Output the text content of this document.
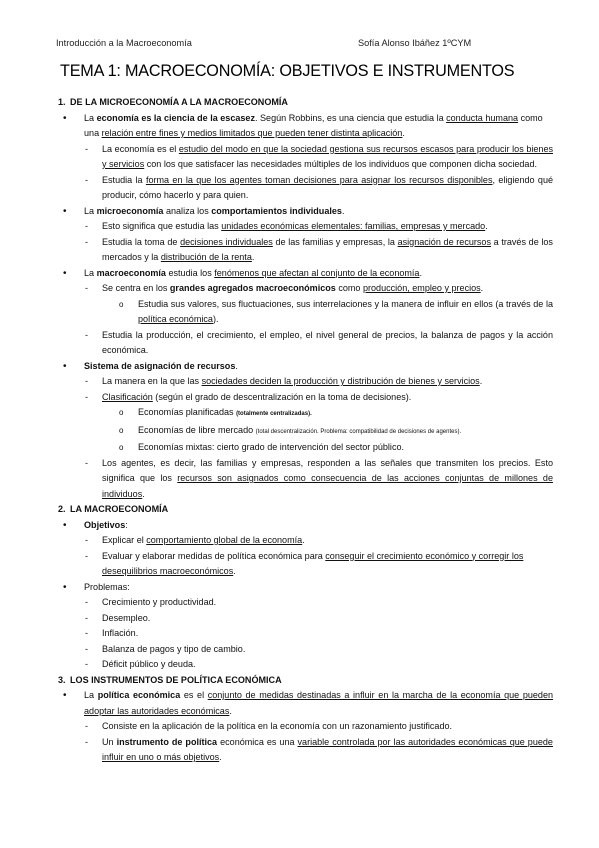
Introducción a la Macroeconomía	Sofía Alonso Ibáñez 1ºCYM
TEMA 1: MACROECONOMÍA: OBJETIVOS E INSTRUMENTOS

1. DE LA MICROECONOMÍA A LA MACROECONOMÍA

• La economía es la ciencia de la escasez. Según Robbins, es una ciencia que estudia la conducta humana como una relación entre fines y medios limitados que pueden tener distinta aplicación.

- La economía es el estudio del modo en que la sociedad gestiona sus recursos escasos para producir los bienes y servicios con los que satisfacer las necesidades múltiples de los individuos que componen dicha sociedad.

- Estudia la forma en la que los agentes toman decisiones para asignar los recursos disponibles, eligiendo qué producir, cómo hacerlo y para quien.

• La microeconomía analiza los comportamientos individuales.

- Esto significa que estudia las unidades económicas elementales: familias, empresas y mercado.

- Estudia la toma de decisiones individuales de las familias y empresas, la asignación de recursos a través de los mercados y la distribución de la renta.

• La macroeconomía estudia los fenómenos que afectan al conjunto de la economía.

- Se centra en los grandes agregados macroeconómicos como producción, empleo y precios.

o Estudia sus valores, sus fluctuaciones, sus interrelaciones y la manera de influir en ellos (a través de la política económica).

- Estudia la producción, el crecimiento, el empleo, el nivel general de precios, la balanza de pagos y la acción económica.

• Sistema de asignación de recursos.

- La manera en la que las sociedades deciden la producción y distribución de bienes y servicios.

- Clasificación (según el grado de descentralización en la toma de decisiones).

o Economías planificadas (totalmente centralizadas).

o Economías de libre mercado (total descentralización. Problema: compatibilidad de decisiones de agentes).

o Economías mixtas: cierto grado de intervención del sector público.

- Los agentes, es decir, las familias y empresas, responden a las señales que transmiten los precios. Esto significa que los recursos son asignados como consecuencia de las acciones conjuntas de millones de individuos.

2. LA MACROECONOMÍA

• Objetivos:

- Explicar el comportamiento global de la economía.

- Evaluar y elaborar medidas de política económica para conseguir el crecimiento económico y corregir los desequilibrios macroeconómicos.

• Problemas:

- Crecimiento y productividad.

- Desempleo.

- Inflación.

- Balanza de pagos y tipo de cambio.

- Déficit público y deuda.

3. LOS INSTRUMENTOS DE POLÍTICA ECONÓMICA

• La política económica es el conjunto de medidas destinadas a influir en la marcha de la economía que pueden adoptar las autoridades económicas.

- Consiste en la aplicación de la política en la economía con un razonamiento justificado.

- Un instrumento de política económica es una variable controlada por las autoridades económicas que puede influir en uno o más objetivos.
